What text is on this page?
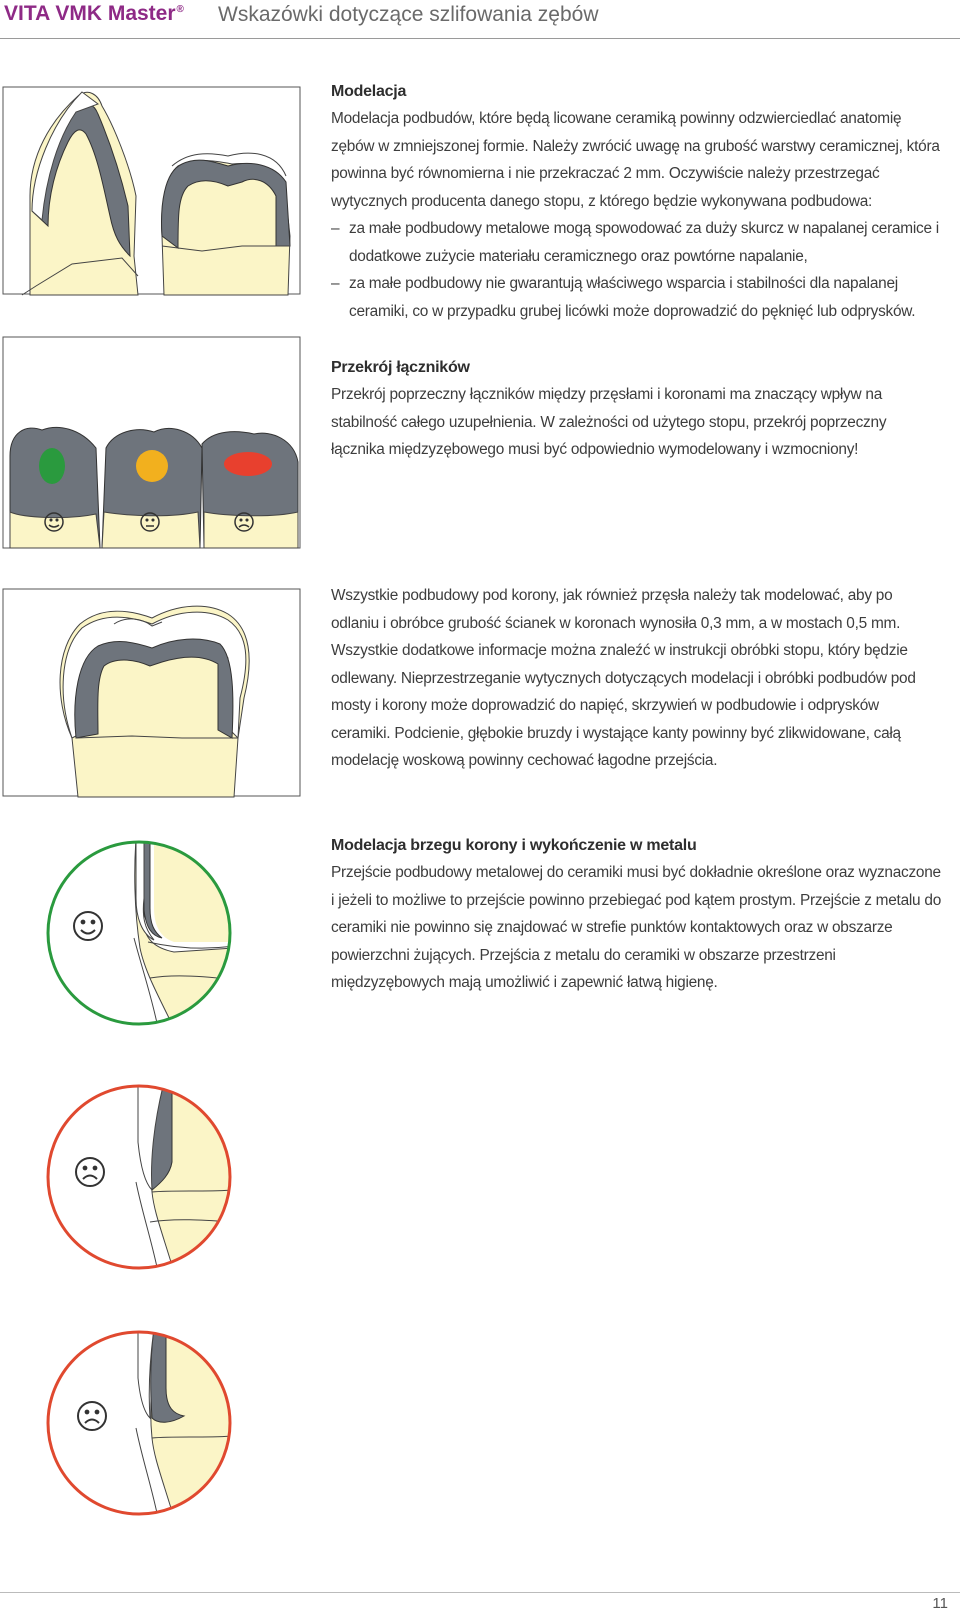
VITA VMK Master® Wskazówki dotyczące szlifowania zębów
Modelacja

Modelacja podbudów, które będą licowane ceramiką powinny odzwierciedlać anatomię zębów w zmniejszonej formie. Należy zwrócić uwagę na grubość warstwy ceramicznej, która powinna być równomierna i nie przekraczać 2 mm. Oczywiście należy przestrzegać wytycznych producenta danego stopu, z którego będzie wykonywana podbudowa:

– za małe podbudowy metalowe mogą spowodować za duży skurcz w napalanej ceramice i dodatkowe zużycie materiału ceramicznego oraz powtórne napalanie,
– za małe podbudowy nie gwarantują właściwego wsparcia i stabilności dla napalanej ceramiki, co w przypadku grubej licówki może doprowadzić do pęknięć lub odprysków.
Przekrój łączników

Przekrój poprzeczny łączników między przęsłami i koronami ma znaczący wpływ na stabilność całego uzupełnienia. W zależności od użytego stopu, przekrój poprzeczny łącznika międzyzębowego musi być odpowiednio wymodelowany i wzmocniony!

Wszystkie podbudowy pod korony, jak również przęsła należy tak modelować, aby po odlaniu i obróbce grubość ścianek w koronach wynosiła 0,3 mm, a w mostach 0,5 mm. Wszystkie dodatkowe informacje można znaleźć w instrukcji obróbki stopu, który będzie odlewany. Nieprzestrzeganie wytycznych dotyczących modelacji i obróbki podbudów pod mosty i korony może doprowadzić do napięć, skrzywień w podbudowie i odprysków ceramiki. Podcienie, głębokie bruzdy i wystające kanty powinny być zlikwidowane, całą modelację woskową powinny cechować łagodne przejścia.

Modelacja brzegu korony i wykończenie w metalu

Przejście podbudowy metalowej do ceramiki musi być dokładnie określone oraz wyznaczone i jeżeli to możliwe to przejście powinno przebiegać pod kątem prostym. Przejście z metalu do ceramiki nie powinno się znajdować w strefie punktów kontaktowych oraz w obszarze powierzchni żujących. Przejścia z metalu do ceramiki w obszarze przestrzeni międzyzębowych mają umożliwić i zapewnić łatwą higienę.

11
